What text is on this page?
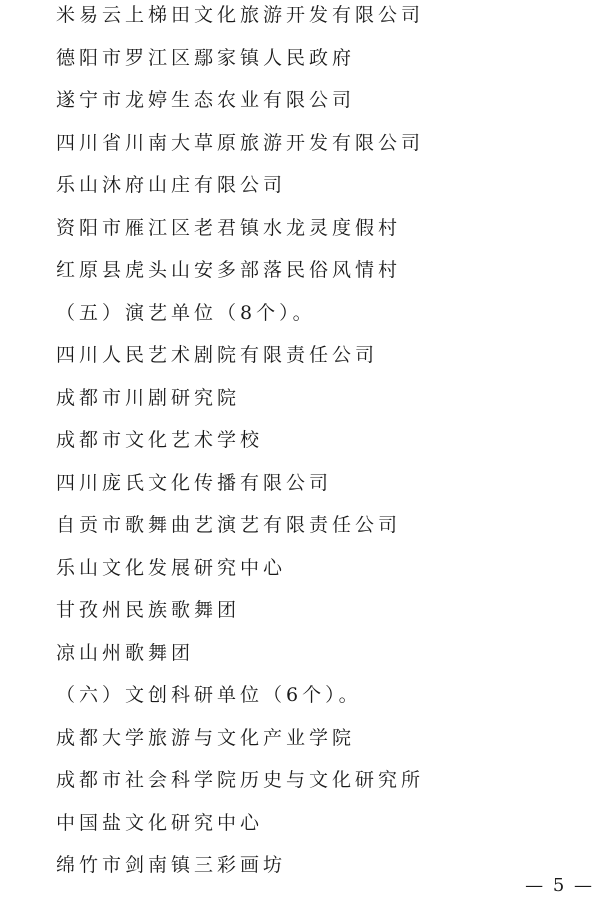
米易云上梯田文化旅游开发有限公司
德阳市罗江区鄢家镇人民政府
遂宁市龙婷生态农业有限公司
四川省川南大草原旅游开发有限公司
乐山沐府山庄有限公司
资阳市雁江区老君镇水龙灵度假村
红原县虎头山安多部落民俗风情村
（五）演艺单位（8个）。
四川人民艺术剧院有限责任公司
成都市川剧研究院
成都市文化艺术学校
四川庞氏文化传播有限公司
自贡市歌舞曲艺演艺有限责任公司
乐山文化发展研究中心
甘孜州民族歌舞团
凉山州歌舞团
（六）文创科研单位（6个）。
成都大学旅游与文化产业学院
成都市社会科学院历史与文化研究所
中国盐文化研究中心
绵竹市剑南镇三彩画坊
— 5 —
